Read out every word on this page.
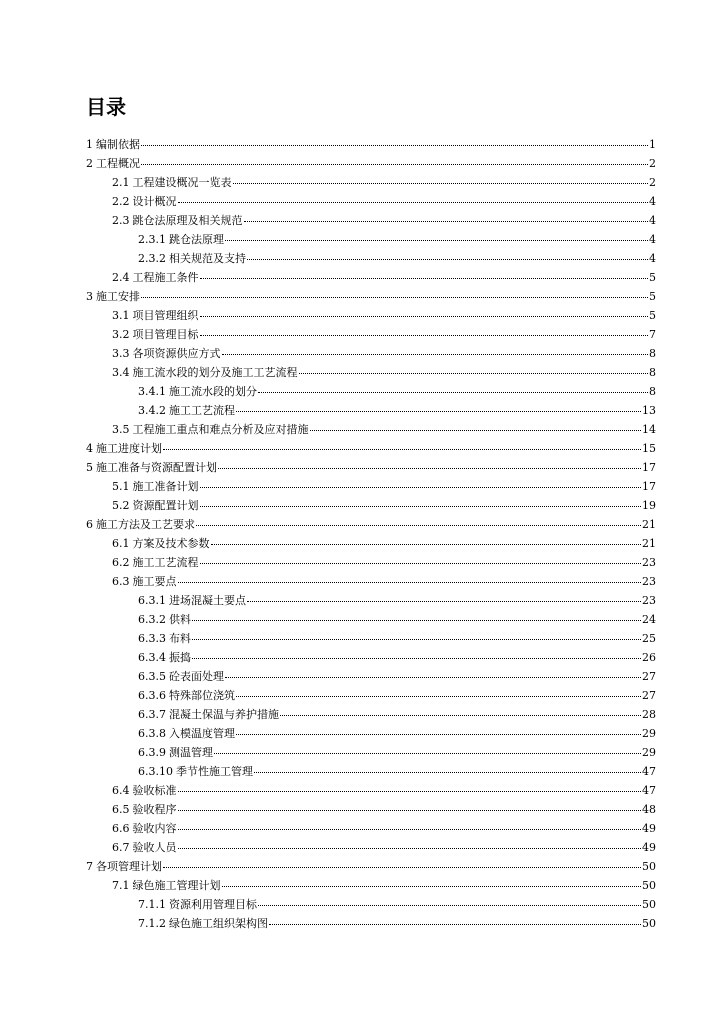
目录
1 编制依据	1
2 工程概况	2
2.1 工程建设概况一览表	2
2.2 设计概况	4
2.3 跳仓法原理及相关规范	4
2.3.1 跳仓法原理	4
2.3.2 相关规范及支持	4
2.4 工程施工条件	5
3 施工安排	5
3.1 项目管理组织	5
3.2 项目管理目标	7
3.3 各项资源供应方式	8
3.4 施工流水段的划分及施工工艺流程	8
3.4.1 施工流水段的划分	8
3.4.2 施工工艺流程	13
3.5 工程施工重点和难点分析及应对措施	14
4 施工进度计划	15
5 施工准备与资源配置计划	17
5.1 施工准备计划	17
5.2 资源配置计划	19
6 施工方法及工艺要求	21
6.1 方案及技术参数	21
6.2 施工工艺流程	23
6.3 施工要点	23
6.3.1 进场混凝土要点	23
6.3.2 供料	24
6.3.3 布料	25
6.3.4 振捣	26
6.3.5 砼表面处理	27
6.3.6 特殊部位浇筑	27
6.3.7 混凝土保温与养护措施	28
6.3.8 入模温度管理	29
6.3.9 测温管理	29
6.3.10 季节性施工管理	47
6.4 验收标准	47
6.5 验收程序	48
6.6 验收内容	49
6.7 验收人员	49
7 各项管理计划	50
7.1 绿色施工管理计划	50
7.1.1 资源利用管理目标	50
7.1.2 绿色施工组织架构图	50
